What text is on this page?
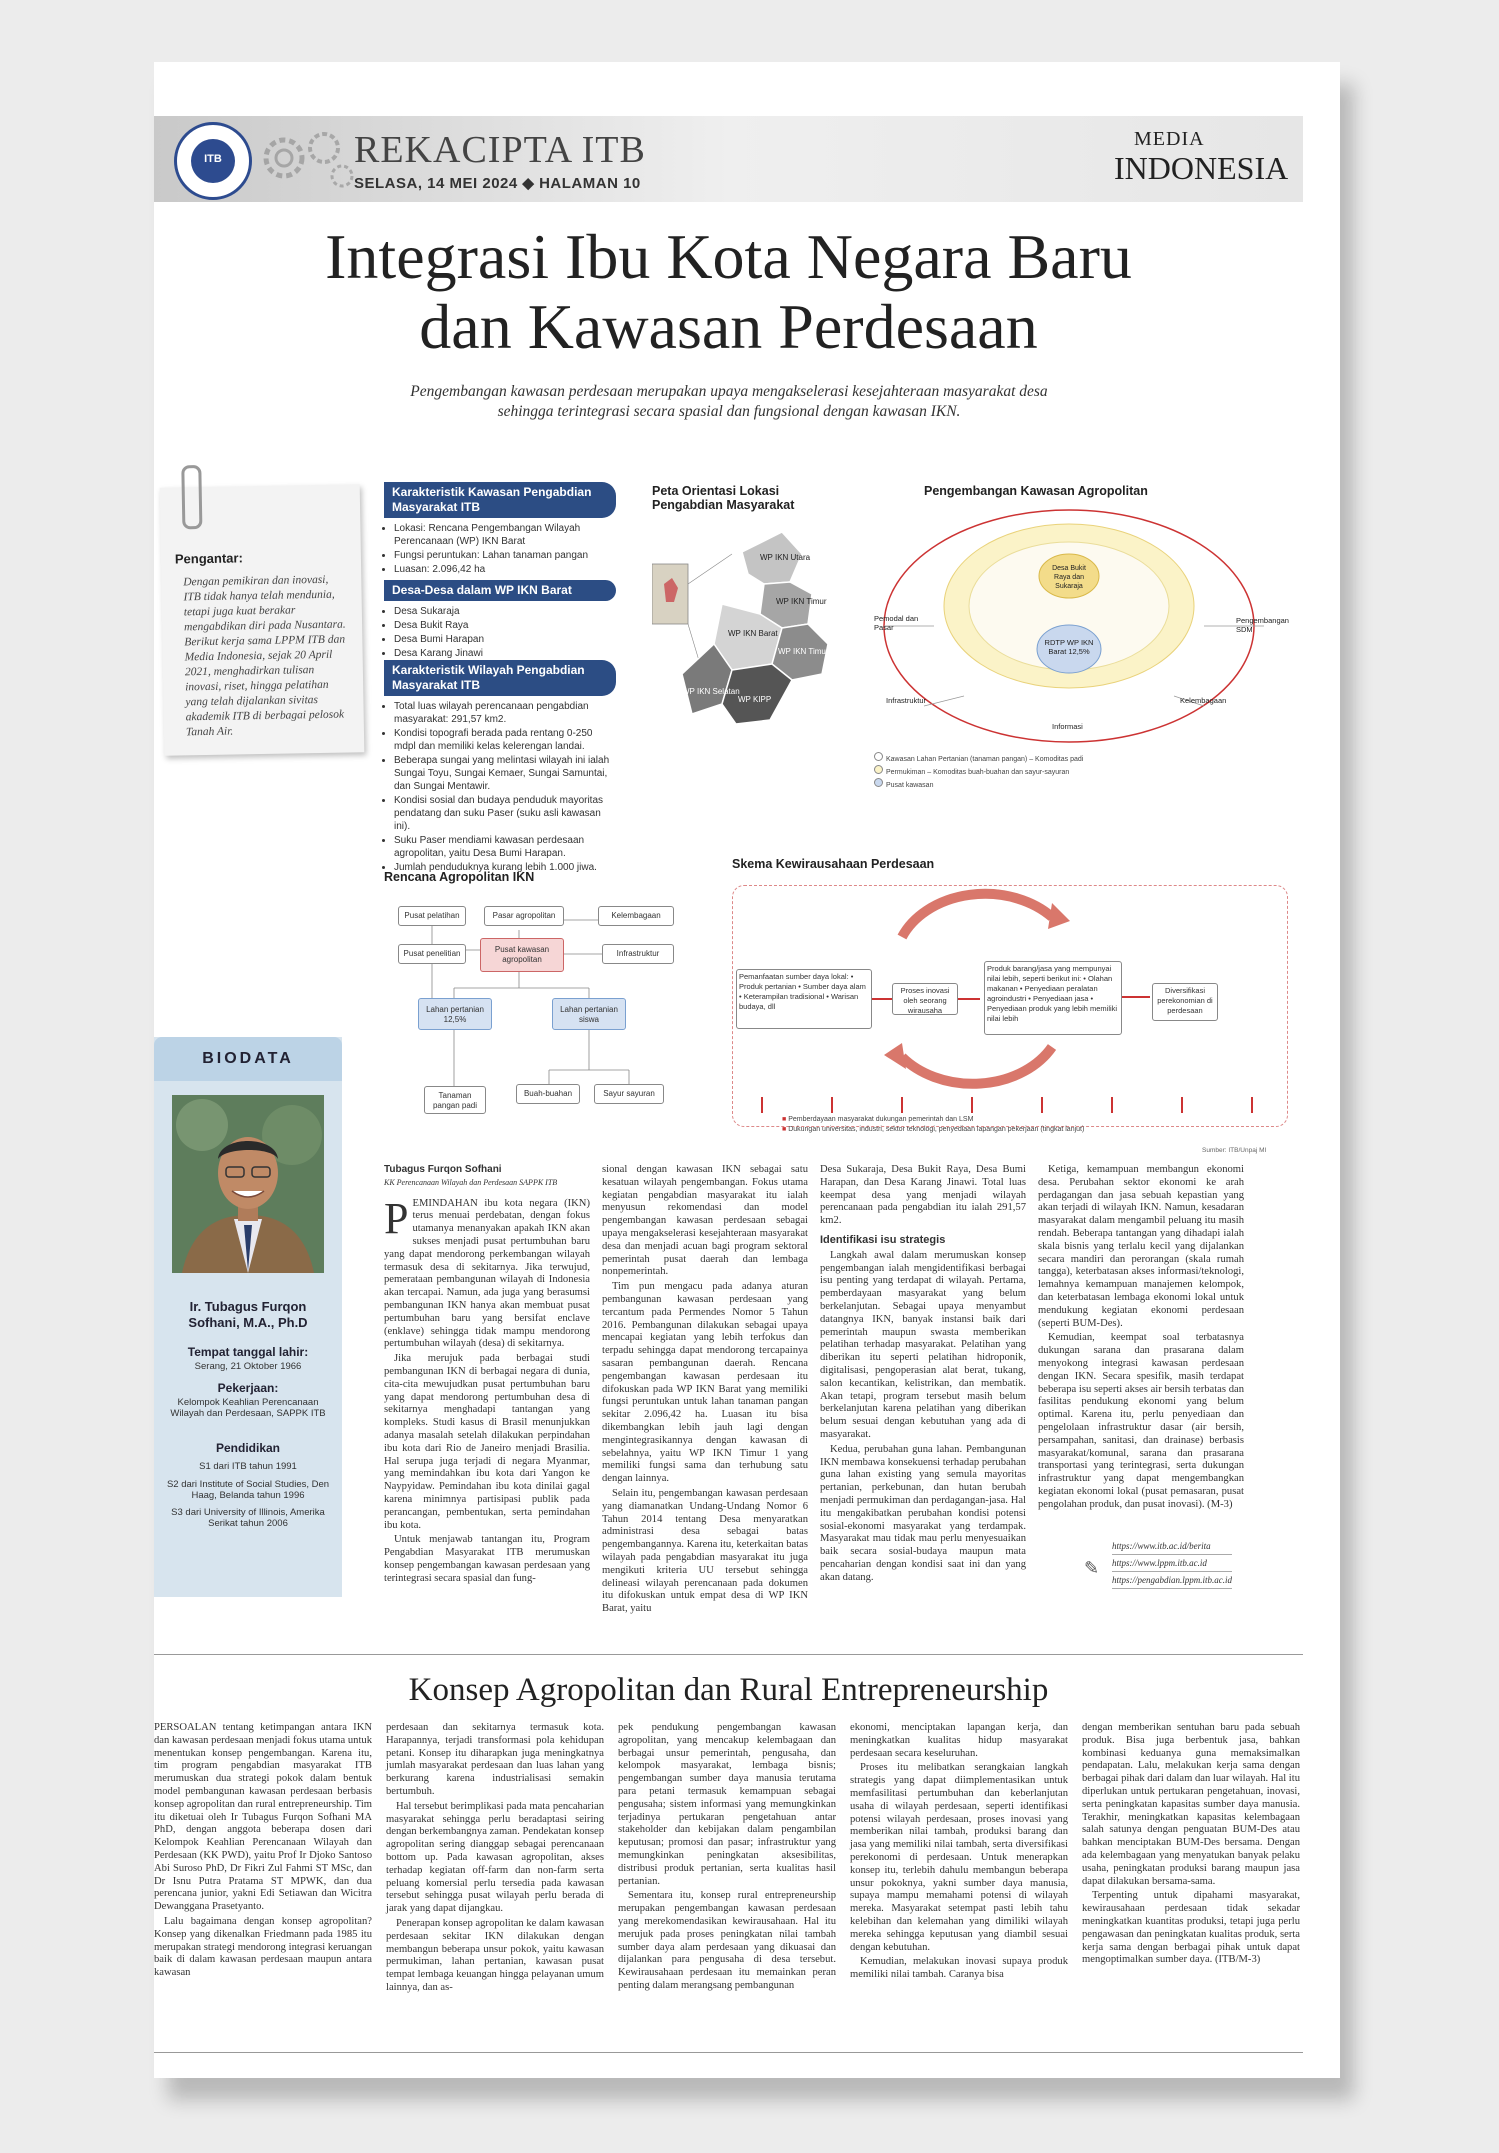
ITB	REKACIPTA ITB
SELASA, 14 MEI 2024 ◆ HALAMAN 10
MEDIA
INDONESIA
Integrasi Ibu Kota Negara Baru
dan Kawasan Perdesaan
Pengembangan kawasan perdesaan merupakan upaya mengakselerasi kesejahteraan masyarakat desa sehingga terintegrasi secara spasial dan fungsional dengan kawasan IKN.
Pengantar:
Dengan pemikiran dan inovasi, ITB tidak hanya telah mendunia, tetapi juga kuat berakar mengabdikan diri pada Nusantara. Berikut kerja sama LPPM ITB dan Media Indonesia, sejak 20 April 2021, menghadirkan tulisan inovasi, riset, hingga pelatihan yang telah dijalankan sivitas akademik ITB di berbagai pelosok Tanah Air.
Karakteristik Kawasan Pengabdian Masyarakat ITB
• Lokasi: Rencana Pengembangan Wilayah Perencanaan (WP) IKN Barat
• Fungsi peruntukan: Lahan tanaman pangan
• Luasan: 2.096,42 ha
Desa-Desa dalam WP IKN Barat
• Desa Sukaraja
• Desa Bukit Raya
• Desa Bumi Harapan
• Desa Karang Jinawi
Karakteristik Wilayah Pengabdian Masyarakat ITB
• Total luas wilayah perencanaan pengabdian masyarakat: 291,57 km2.
• Kondisi topografi berada pada rentang 0-250 mdpl dan memiliki kelas kelerengan landai.
• Beberapa sungai yang melintasi wilayah ini ialah Sungai Toyu, Sungai Kemaer, Sungai Samuntai, dan Sungai Mentawir.
• Kondisi sosial dan budaya penduduk mayoritas pendatang dan suku Paser (suku asli kawasan ini).
• Suku Paser mendiami kawasan perdesaan agropolitan, yaitu Desa Bumi Harapan.
• Jumlah penduduknya kurang lebih 1.000 jiwa.
Peta Orientasi Lokasi Pengabdian Masyarakat
WP IKN Utara
WP IKN Timur
WP IKN Barat
WP IKN Timur 1
WP IKN Selatan
WP KIPP
Pengembangan Kawasan Agropolitan
Desa Bukit Raya dan Sukaraja
RDTP WP IKN Barat 12,5%
Pemodal dan Pasar
Pengembangan SDM
Infrastruktur
Informasi
Kelembagaan
Kawasan Lahan Pertanian (tanaman pangan) – Komoditas padi
Permukiman – Komoditas buah-buahan dan sayur-sayuran
Pusat kawasan
Rencana Agropolitan IKN
Pusat pelatihan	Pasar agropolitan	Kelembagaan
Pusat penelitian	Pusat kawasan agropolitan
Infrastruktur
Lahan pertanian 12,5%
Lahan pertanian siswa
Tanaman pangan padi
Buah-buahan	Sayur sayuran
Skema Kewirausahaan Perdesaan
Pemanfaatan sumber daya lokal: • Produk pertanian • Sumber daya alam • Keterampilan tradisional • Warisan budaya, dll
Proses inovasi oleh seorang wirausaha
Produk barang/jasa yang mempunyai nilai lebih, seperti berikut ini: • Olahan makanan • Penyediaan peralatan agroindustri • Penyediaan jasa • Penyediaan produk yang lebih memiliki nilai lebih
Diversifikasi perekonomian di perdesaan
■ Pemberdayaan masyarakat dukungan pemerintah dan LSM
■ Dukungan universitas, industri, sektor teknologi, penyediaan lapangan pekerjaan (tingkat lanjut)
Sumber: ITB/Unpaj MI
BIODATA
Ir. Tubagus Furqon Sofhani, M.A., Ph.D
Tempat tanggal lahir:
Serang, 21 Oktober 1966
Pekerjaan:
Kelompok Keahlian Perencanaan Wilayah dan Perdesaan, SAPPK ITB
Pendidikan
S1 dari ITB tahun 1991
S2 dari Institute of Social Studies, Den Haag, Belanda tahun 1996
S3 dari University of Illinois, Amerika Serikat tahun 2006
Tubagus Furqon Sofhani
KK Perencanaan Wilayah dan Perdesaan SAPPK ITB

PEMINDAHAN ibu kota negara (IKN) terus menuai perdebatan, dengan fokus utamanya menanyakan apakah IKN akan sukses menjadi pusat pertumbuhan baru yang dapat mendorong perkembangan wilayah termasuk desa di sekitarnya. Jika terwujud, pemerataan pembangunan wilayah di Indonesia akan tercapai. Namun, ada juga yang berasumsi pembangunan IKN hanya akan membuat pusat pertumbuhan baru yang bersifat enclave (enklave) sehingga tidak mampu mendorong pertumbuhan wilayah (desa) di sekitarnya.

Jika merujuk pada berbagai studi pembangunan IKN di berbagai negara di dunia, cita-cita mewujudkan pusat pertumbuhan baru yang dapat mendorong pertumbuhan desa di sekitarnya menghadapi tantangan yang kompleks. Studi kasus di Brasil menunjukkan adanya masalah setelah dilakukan perpindahan ibu kota dari Rio de Janeiro menjadi Brasilia. Hal serupa juga terjadi di negara Myanmar, yang memindahkan ibu kota dari Yangon ke Naypyidaw. Pemindahan ibu kota dinilai gagal karena minimnya partisipasi publik pada perancangan, pembentukan, serta pemindahan ibu kota.

Untuk menjawab tantangan itu, Program Pengabdian Masyarakat ITB merumuskan konsep pengembangan kawasan perdesaan yang terintegrasi secara spasial dan fung-

sional dengan kawasan IKN sebagai satu kesatuan wilayah pengembangan. Fokus utama kegiatan pengabdian masyarakat itu ialah menyusun rekomendasi dan model pengembangan kawasan perdesaan sebagai upaya mengakselerasi kesejahteraan masyarakat desa dan menjadi acuan bagi program sektoral pemerintah pusat daerah dan lembaga nonpemerintah.

Tim pun mengacu pada adanya aturan pembangunan kawasan perdesaan yang tercantum pada Permendes Nomor 5 Tahun 2016. Pembangunan dilakukan sebagai upaya mencapai kegiatan yang lebih terfokus dan terpadu sehingga dapat mendorong tercapainya sasaran pembangunan daerah. Rencana pengembangan kawasan perdesaan itu difokuskan pada WP IKN Barat yang memiliki fungsi peruntukan untuk lahan tanaman pangan sekitar 2.096,42 ha. Luasan itu bisa dikembangkan lebih jauh lagi dengan mengintegrasikannya dengan kawasan di sebelahnya, yaitu WP IKN Timur 1 yang memiliki fungsi sama dan terhubung satu dengan lainnya.

Selain itu, pengembangan kawasan perdesaan yang diamanatkan Undang-Undang Nomor 6 Tahun 2014 tentang Desa menyaratkan administrasi desa sebagai batas pengembangannya. Karena itu, keterkaitan batas wilayah pada pengabdian masyarakat itu juga mengikuti kriteria UU tersebut sehingga delineasi wilayah perencanaan pada dokumen itu difokuskan untuk empat desa di WP IKN Barat, yaitu

Desa Sukaraja, Desa Bukit Raya, Desa Bumi Harapan, dan Desa Karang Jinawi. Total luas keempat desa yang menjadi wilayah perencanaan pada pengabdian itu ialah 291,57 km2.

Identifikasi isu strategis

Langkah awal dalam merumuskan konsep pengembangan ialah mengidentifikasi berbagai isu penting yang terdapat di wilayah. Pertama, pemberdayaan masyarakat yang belum berkelanjutan. Sebagai upaya menyambut datangnya IKN, banyak instansi baik dari pemerintah maupun swasta memberikan pelatihan terhadap masyarakat. Pelatihan yang diberikan itu seperti pelatihan hidroponik, digitalisasi, pengoperasian alat berat, tukang, salon kecantikan, kelistrikan, dan membatik. Akan tetapi, program tersebut masih belum berkelanjutan karena pelatihan yang diberikan belum sesuai dengan kebutuhan yang ada di masyarakat.

Kedua, perubahan guna lahan. Pembangunan IKN membawa konsekuensi terhadap perubahan guna lahan existing yang semula mayoritas pertanian, perkebunan, dan hutan berubah menjadi permukiman dan perdagangan-jasa. Hal itu mengakibatkan perubahan kondisi potensi sosial-ekonomi masyarakat yang terdampak. Masyarakat mau tidak mau perlu menyesuaikan baik secara sosial-budaya maupun mata pencaharian dengan kondisi saat ini dan yang akan datang.

Ketiga, kemampuan membangun ekonomi desa. Perubahan sektor ekonomi ke arah perdagangan dan jasa sebuah kepastian yang akan terjadi di wilayah IKN. Namun, kesadaran masyarakat dalam mengambil peluang itu masih rendah. Beberapa tantangan yang dihadapi ialah skala bisnis yang terlalu kecil yang dijalankan secara mandiri dan perorangan (skala rumah tangga), keterbatasan akses informasi/teknologi, lemahnya kemampuan manajemen kelompok, dan keterbatasan lembaga ekonomi lokal untuk mendukung kegiatan ekonomi perdesaan (seperti BUM-Des).

Kemudian, keempat soal terbatasnya dukungan sarana dan prasarana dalam menyokong integrasi kawasan perdesaan dengan IKN. Secara spesifik, masih terdapat beberapa isu seperti akses air bersih terbatas dan fasilitas pendukung ekonomi yang belum optimal. Karena itu, perlu penyediaan dan pengelolaan infrastruktur dasar (air bersih, persampahan, sanitasi, dan drainase) berbasis masyarakat/komunal, sarana dan prasarana transportasi yang terintegrasi, serta dukungan infrastruktur yang dapat mengembangkan kegiatan ekonomi lokal (pusat pemasaran, pusat pengolahan produk, dan pusat inovasi). (M-3)

✎
https://www.itb.ac.id/berita
https://www.lppm.itb.ac.id
https://pengabdian.lppm.itb.ac.id
Konsep Agropolitan dan Rural Entrepreneurship

PERSOALAN tentang ketimpangan antara IKN dan kawasan perdesaan menjadi fokus utama untuk menentukan konsep pengembangan. Karena itu, tim program pengabdian masyarakat ITB merumuskan dua strategi pokok dalam bentuk model pembangunan kawasan perdesaan berbasis konsep agropolitan dan rural entrepreneurship. Tim itu diketuai oleh Ir Tubagus Furqon Sofhani MA PhD, dengan anggota beberapa dosen dari Kelompok Keahlian Perencanaan Wilayah dan Perdesaan (KK PWD), yaitu Prof Ir Djoko Santoso Abi Suroso PhD, Dr Fikri Zul Fahmi ST MSc, dan Dr Isnu Putra Pratama ST MPWK, dan dua perencana junior, yakni Edi Setiawan dan Wicitra Dewanggana Prasetyanto.

Lalu bagaimana dengan konsep agropolitan? Konsep yang dikenalkan Friedmann pada 1985 itu merupakan strategi mendorong integrasi keruangan baik di dalam kawasan perdesaan maupun antara kawasan

perdesaan dan sekitarnya termasuk kota. Harapannya, terjadi transformasi pola kehidupan petani. Konsep itu diharapkan juga meningkatnya jumlah masyarakat perdesaan dan luas lahan yang berkurang karena industrialisasi semakin bertumbuh.

Hal tersebut berimplikasi pada mata pencaharian masyarakat sehingga perlu beradaptasi seiring dengan berkembangnya zaman. Pendekatan konsep agropolitan sering dianggap sebagai perencanaan bottom up. Pada kawasan agropolitan, akses terhadap kegiatan off-farm dan non-farm serta peluang komersial perlu tersedia pada kawasan tersebut sehingga pusat wilayah perlu berada di jarak yang dapat dijangkau.

Penerapan konsep agropolitan ke dalam kawasan perdesaan sekitar IKN dilakukan dengan membangun beberapa unsur pokok, yaitu kawasan permukiman, lahan pertanian, kawasan pusat tempat lembaga keuangan hingga pelayanan umum lainnya, dan as-

pek pendukung pengembangan kawasan agropolitan, yang mencakup kelembagaan dan berbagai unsur pemerintah, pengusaha, dan kelompok masyarakat, lembaga bisnis; pengembangan sumber daya manusia terutama para petani termasuk kemampuan sebagai pengusaha; sistem informasi yang memungkinkan terjadinya pertukaran pengetahuan antar stakeholder dan kebijakan dalam pengambilan keputusan; promosi dan pasar; infrastruktur yang memungkinkan peningkatan aksesibilitas, distribusi produk pertanian, serta kualitas hasil pertanian.

Sementara itu, konsep rural entrepreneurship merupakan pengembangan kawasan perdesaan yang merekomendasikan kewirausahaan. Hal itu merujuk pada proses peningkatan nilai tambah sumber daya alam perdesaan yang dikuasai dan dijalankan para pengusaha di desa tersebut. Kewirausahaan perdesaan itu memainkan peran penting dalam merangsang pembangunan

ekonomi, menciptakan lapangan kerja, dan meningkatkan kualitas hidup masyarakat perdesaan secara keseluruhan.

Proses itu melibatkan serangkaian langkah strategis yang dapat diimplementasikan untuk memfasilitasi pertumbuhan dan keberlanjutan usaha di wilayah perdesaan, seperti identifikasi potensi wilayah perdesaan, proses inovasi yang memberikan nilai tambah, produksi barang dan jasa yang memiliki nilai tambah, serta diversifikasi perekonomi di perdesaan. Untuk menerapkan konsep itu, terlebih dahulu membangun beberapa unsur pokoknya, yakni sumber daya manusia, supaya mampu memahami potensi di wilayah mereka. Masyarakat setempat pasti lebih tahu kelebihan dan kelemahan yang dimiliki wilayah mereka sehingga keputusan yang diambil sesuai dengan kebutuhan.

Kemudian, melakukan inovasi supaya produk memiliki nilai tambah. Caranya bisa

dengan memberikan sentuhan baru pada sebuah produk. Bisa juga berbentuk jasa, bahkan kombinasi keduanya guna memaksimalkan pendapatan. Lalu, melakukan kerja sama dengan berbagai pihak dari dalam dan luar wilayah. Hal itu diperlukan untuk pertukaran pengetahuan, inovasi, serta peningkatan kapasitas sumber daya manusia. Terakhir, meningkatkan kapasitas kelembagaan salah satunya dengan penguatan BUM-Des atau bahkan menciptakan BUM-Des bersama. Dengan ada kelembagaan yang menyatukan banyak pelaku usaha, peningkatan produksi barang maupun jasa dapat dilakukan bersama-sama.

Terpenting untuk dipahami masyarakat, kewirausahaan perdesaan tidak sekadar meningkatkan kuantitas produksi, tetapi juga perlu pengawasan dan peningkatan kualitas produk, serta kerja sama dengan berbagai pihak untuk dapat mengoptimalkan sumber daya. (ITB/M-3)
